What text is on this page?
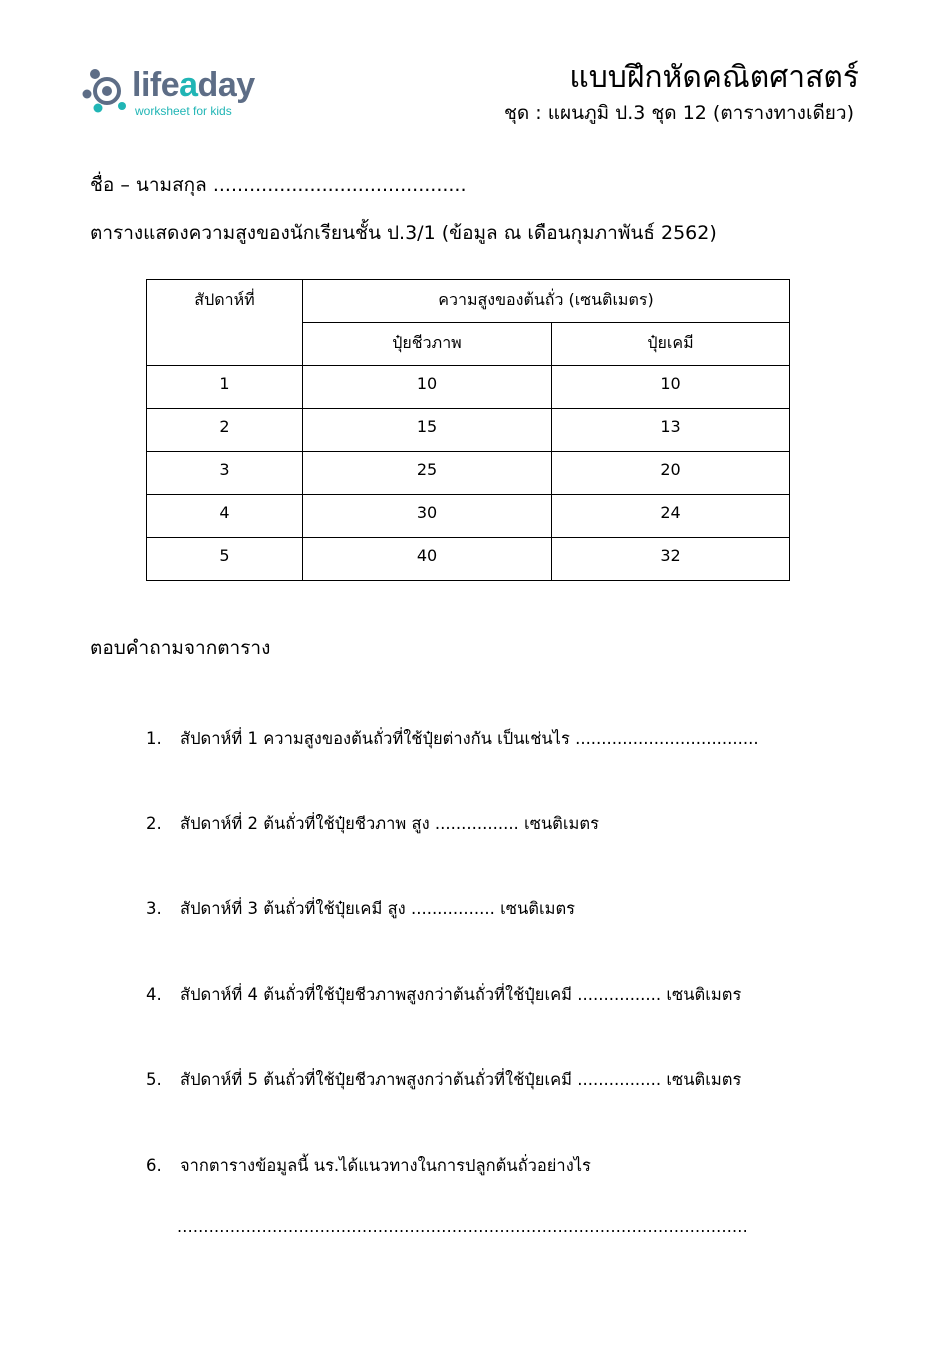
lifeaday
worksheet for kids
แบบฝึกหัดคณิตศาสตร์
ชุด : แผนภูมิ ป.3 ชุด 12 (ตารางทางเดียว)
ชื่อ – นามสกุล ..........................................
ตารางแสดงความสูงของนักเรียนชั้น ป.3/1 (ข้อมูล ณ เดือนกุมภาพันธ์ 2562)
สัปดาห์ที่	ความสูงของต้นถั่ว (เซนติเมตร)	
	ปุ๋ยชีวภาพ	ปุ๋ยเคมี
1	10	10
2	15	13
3	25	20
4	30	24
5	40	32
ตอบคำถามจากตาราง
1. สัปดาห์ที่ 1 ความสูงของต้นถั่วที่ใช้ปุ๋ยต่างกัน เป็นเช่นไร ...................................
2. สัปดาห์ที่ 2 ต้นถั่วที่ใช้ปุ๋ยชีวภาพ สูง ................ เซนติเมตร
3. สัปดาห์ที่ 3 ต้นถั่วที่ใช้ปุ๋ยเคมี สูง ................ เซนติเมตร
4. สัปดาห์ที่ 4 ต้นถั่วที่ใช้ปุ๋ยชีวภาพสูงกว่าต้นถั่วที่ใช้ปุ๋ยเคมี ................ เซนติเมตร
5. สัปดาห์ที่ 5 ต้นถั่วที่ใช้ปุ๋ยชีวภาพสูงกว่าต้นถั่วที่ใช้ปุ๋ยเคมี ................ เซนติเมตร
6. จากตารางข้อมูลนี้ นร.ได้แนวทางในการปลูกต้นถั่วอย่างไร
............................................................................................................
